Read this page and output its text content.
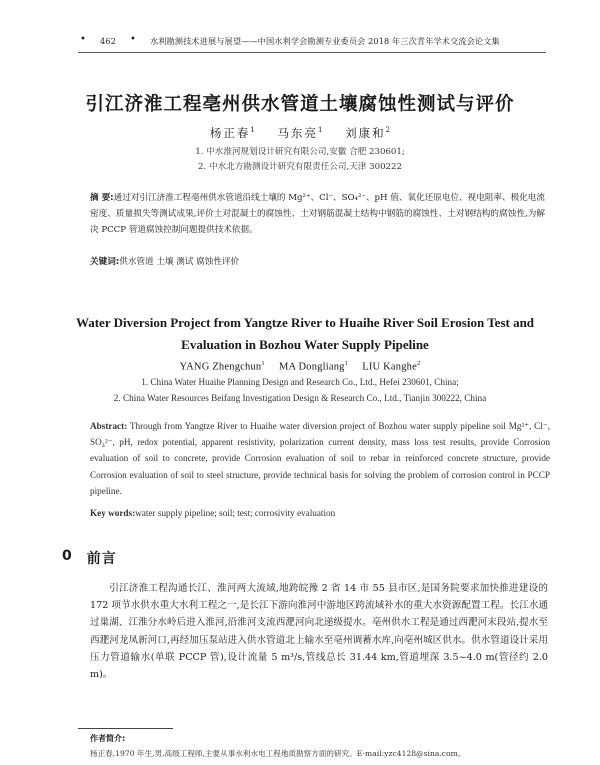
• 462 • 水利勘测技术进展与展望——中国水利学会勘测专业委员会 2018 年三次青年学术交流会论文集
引江济淮工程亳州供水管道土壤腐蚀性测试与评价
杨正春$^1$ 马东亮$^1$ 刘康和$^2$
1. 中水淮河规划设计研究有限公司,安徽 合肥 230601;
2. 中水北方勘测设计研究有限责任公司,天津 300222
摘 要:通过对引江济淮工程亳州供水管道沿线土壤的 Mg²⁺、Cl⁻、SO₄²⁻、pH 值、氧化还原电位、视电阻率、极化电流密度、质量损失等测试成果,评价土对混凝土的腐蚀性、土对钢筋混凝土结构中钢筋的腐蚀性、土对钢结构的腐蚀性,为解决 PCCP 管道腐蚀控制问题提供技术依据。
关键词:供水管道 土壤 测试 腐蚀性评价
Water Diversion Project from Yangtze River to Huaihe River Soil Erosion Test and Evaluation in Bozhou Water Supply Pipeline
YANG Zhengchun$^1$ MA Dongliang$^1$ LIU Kanghe$^2$
1. China Water Huaihe Planning Design and Research Co., Ltd., Hefei 230601, China;
2. China Water Resources Beifang Investigation Design & Research Co., Ltd., Tianjin 300222, China
Abstract: Through from Yangtze River to Huaihe water diversion project of Bozhou water supply pipeline soil Mg²⁺, Cl⁻, SO₄²⁻, pH, redox potential, apparent resistivity, polarization current density, mass loss test results, provide Corrosion evaluation of soil to concrete, provide Corrosion evaluation of soil to rebar in reinforced concrete structure, provide Corrosion evaluation of soil to steel structure, provide technical basis for solving the problem of corrosion control in PCCP pipeline.
Key words:water supply pipeline; soil; test; corrosivity evaluation
0 前言
引江济淮工程沟通长江、淮河两大流域,地跨皖豫 2 省 14 市 55 县市区,是国务院要求加快推进建设的 172 项节水供水重大水利工程之一,是长江下游向淮河中游地区跨流域补水的重大水资源配置工程。长江水通过巢湖、江淮分水岭后进入淮河,沿淮河支流西淝河向北递级提水。亳州供水工程是通过西淝河末段站,提水至西淝河龙凤新河口,再经加压泵站进入供水管道北上输水至亳州调蓄水库,向亳州城区供水。供水管道设计采用压力管道输水(单联 PCCP 管),设计流量 5 m³/s,管线总长 31.44 km,管道埋深 3.5~4.0 m(管径约 2.0 m)。
作者简介:
杨正春,1970 年生,男,高级工程师,主要从事水利水电工程地质勘察方面的研究。E-mail:yzc4128@sina.com。
